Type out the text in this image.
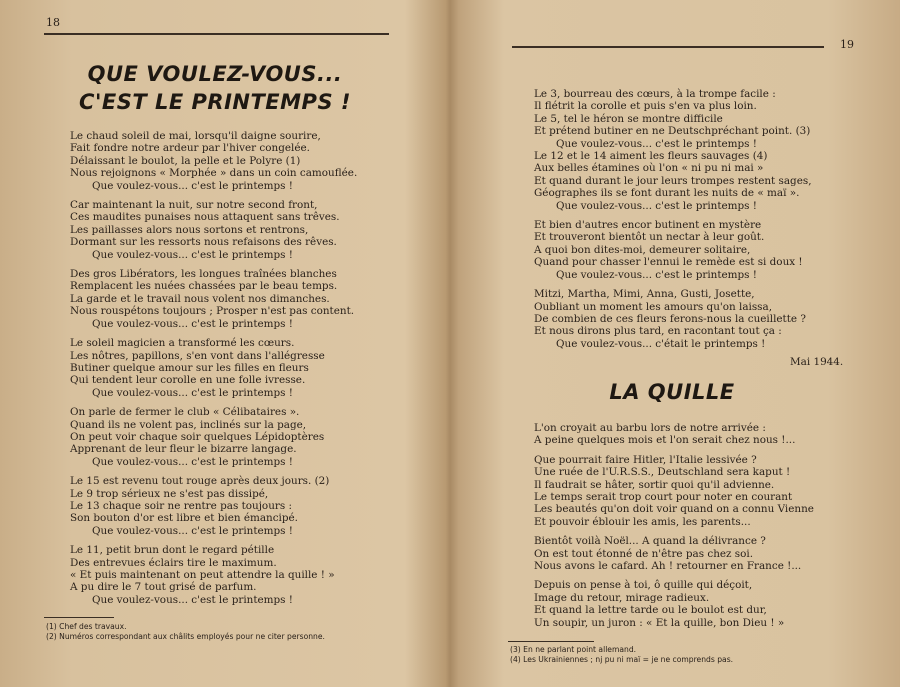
18
QUE VOULEZ-VOUS...
C'EST LE PRINTEMPS !
Le chaud soleil de mai, lorsqu'il daigne sourire,
Fait fondre notre ardeur par l'hiver congelée.
Délaissant le boulot, la pelle et le Polyre (1)
Nous rejoignons « Morphée » dans un coin camouflée.
Que voulez-vous... c'est le printemps !
Car maintenant la nuit, sur notre second front,
Ces maudites punaises nous attaquent sans trêves.
Les paillasses alors nous sortons et rentrons,
Dormant sur les ressorts nous refaisons des rêves.
Que voulez-vous... c'est le printemps !
Des gros Libérators, les longues traînées blanches
Remplacent les nuées chassées par le beau temps.
La garde et le travail nous volent nos dimanches.
Nous rouspétons toujours ; Prosper n'est pas content.
Que voulez-vous... c'est le printemps !
Le soleil magicien a transformé les cœurs.
Les nôtres, papillons, s'en vont dans l'allégresse
Butiner quelque amour sur les filles en fleurs
Qui tendent leur corolle en une folle ivresse.
Que voulez-vous... c'est le printemps !
On parle de fermer le club « Célibataires ».
Quand ils ne volent pas, inclinés sur la page,
On peut voir chaque soir quelques Lépidoptères
Apprenant de leur fleur le bizarre langage.
Que voulez-vous... c'est le printemps !
Le 15 est revenu tout rouge après deux jours. (2)
Le 9 trop sérieux ne s'est pas dissipé,
Le 13 chaque soir ne rentre pas toujours :
Son bouton d'or est libre et bien émancipé.
Que voulez-vous... c'est le printemps !
Le 11, petit brun dont le regard pétille
Des entrevues éclairs tire le maximum.
« Et puis maintenant on peut attendre la quille ! »
A pu dire le 7 tout grisé de parfum.
Que voulez-vous... c'est le printemps !
(1) Chef des travaux.
(2) Numéros correspondant aux châlits employés pour ne citer personne.
19
Le 3, bourreau des cœurs, à la trompe facile :
Il flétrit la corolle et puis s'en va plus loin.
Le 5, tel le héron se montre difficile
Et prétend butiner en ne Deutschpréchant point. (3)
Que voulez-vous... c'est le printemps !
Le 12 et le 14 aiment les fleurs sauvages (4)
Aux belles étamines où l'on « ni pu ni mai »
Et quand durant le jour leurs trompes restent sages,
Géographes ils se font durant les nuits de « maï ».
Que voulez-vous... c'est le printemps !
Et bien d'autres encor butinent en mystère
Et trouveront bientôt un nectar à leur goût.
A quoi bon dites-moi, demeurer solitaire,
Quand pour chasser l'ennui le remède est si doux !
Que voulez-vous... c'est le printemps !
Mitzi, Martha, Mimi, Anna, Gusti, Josette,
Oubliant un moment les amours qu'on laissa,
De combien de ces fleurs ferons-nous la cueillette ?
Et nous dirons plus tard, en racontant tout ça :
Que voulez-vous... c'était le printemps !
Mai 1944.
LA QUILLE
L'on croyait au barbu lors de notre arrivée :
A peine quelques mois et l'on serait chez nous !...
Que pourrait faire Hitler, l'Italie lessivée ?
Une ruée de l'U.R.S.S., Deutschland sera kaput !
Il faudrait se hâter, sortir quoi qu'il advienne.
Le temps serait trop court pour noter en courant
Les beautés qu'on doit voir quand on a connu Vienne
Et pouvoir éblouir les amis, les parents...
Bientôt voilà Noël... A quand la délivrance ?
On est tout étonné de n'être pas chez soi.
Nous avons le cafard. Ah ! retourner en France !...
Depuis on pense à toi, ô quille qui déçoit,
Image du retour, mirage radieux.
Et quand la lettre tarde ou le boulot est dur,
Un soupir, un juron : « Et la quille, bon Dieu ! »
(3) En ne parlant point allemand.
(4) Les Ukrainiennes ; nj pu ni maï = je ne comprends pas.
